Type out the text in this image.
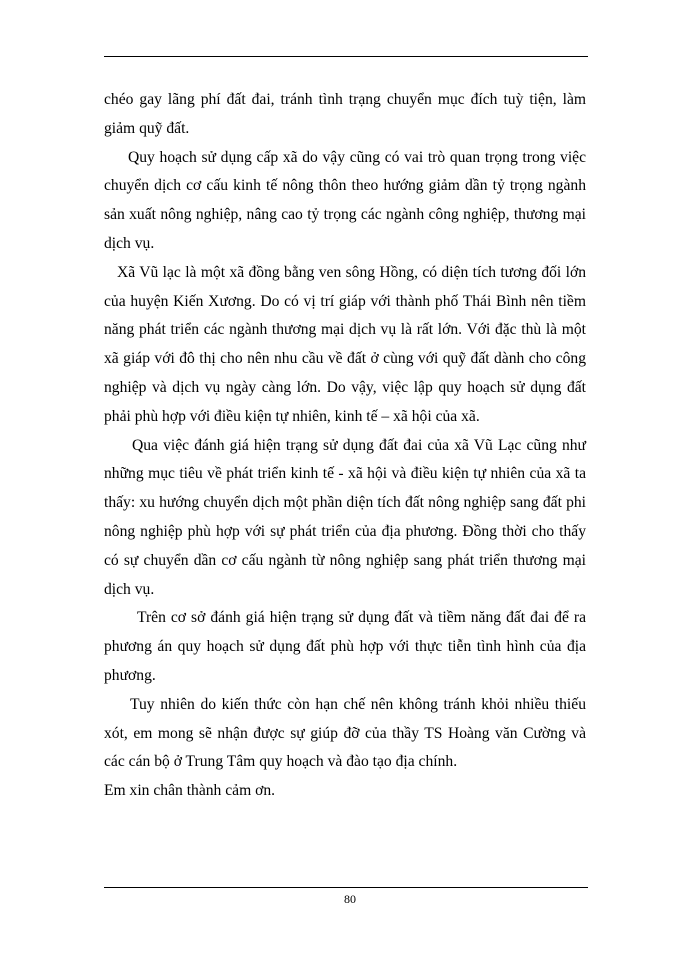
chéo gay lãng phí đất đai, tránh tình trạng chuyển mục đích tuỳ tiện, làm giảm quỹ đất.

Quy hoạch sử dụng cấp xã do vậy cũng có vai trò quan trọng trong việc chuyển dịch cơ cấu kinh tế nông thôn theo hướng giảm dần tỷ trọng ngành sản xuất nông nghiệp, nâng cao tỷ trọng các ngành công nghiệp, thương mại dịch vụ.

Xã Vũ lạc là một xã đồng bằng ven sông Hồng, có diện tích tương đối lớn của huyện Kiến Xương. Do có vị trí giáp với thành phố Thái Bình nên tiềm năng phát triển các ngành thương mại dịch vụ là rất lớn. Với đặc thù là một xã giáp với đô thị cho nên nhu cầu về đất ở cùng với quỹ đất dành cho công nghiệp và dịch vụ ngày càng lớn. Do vậy, việc lập quy hoạch sử dụng đất phải phù hợp với điều kiện tự nhiên, kinh tế – xã hội của xã.

Qua việc đánh giá hiện trạng sử dụng đất đai của xã Vũ Lạc cũng như những mục tiêu về phát triển kinh tế - xã hội và điều kiện tự nhiên của xã ta thấy: xu hướng chuyển dịch một phần diện tích đất nông nghiệp sang đất phi nông nghiệp phù hợp với sự phát triển của địa phương. Đồng thời cho thấy có sự chuyển dần cơ cấu ngành từ nông nghiệp sang phát triển thương mại dịch vụ.

Trên cơ sở đánh giá hiện trạng sử dụng đất và tiềm năng đất đai để ra phương án quy hoạch sử dụng đất phù hợp với thực tiễn tình hình của địa phương.

Tuy nhiên do kiến thức còn hạn chế nên không tránh khỏi nhiều thiếu xót, em mong sẽ nhận được sự giúp đỡ của thầy TS Hoàng văn Cường và các cán bộ ở Trung Tâm quy hoạch và đào tạo địa chính.

Em xin chân thành cảm ơn.

80
